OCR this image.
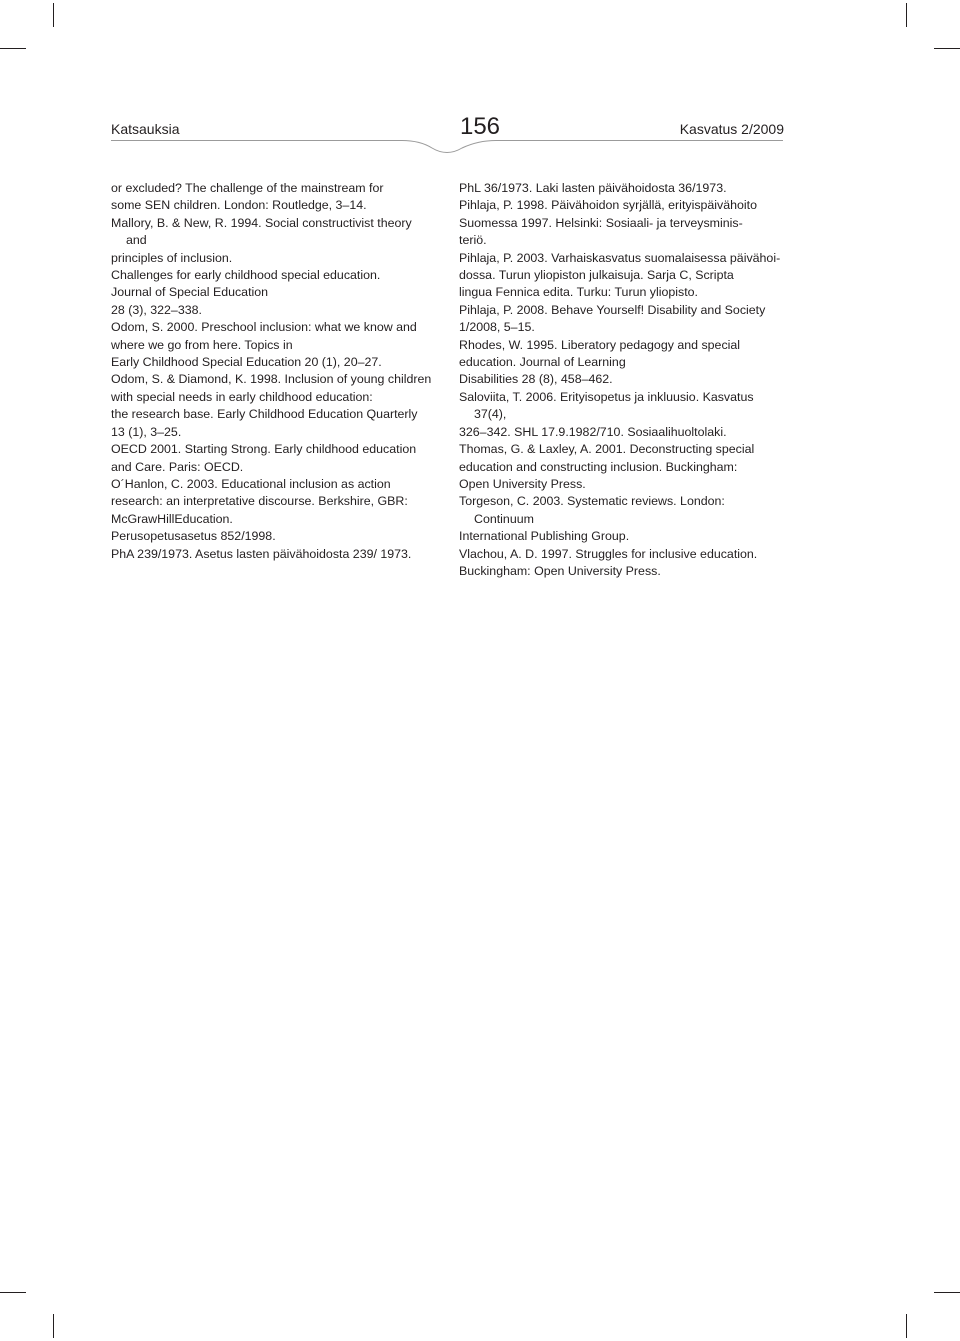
Katsauksia	156	Kasvatus 2/2009

or excluded? The challenge of the mainstream for
some SEN children. London: Routledge, 3–14.

Mallory, B. & New, R. 1994. Social constructivist theory and
principles of inclusion.
Challenges for early childhood special education.
Journal of Special Education
28 (3), 322–338.

Odom, S. 2000. Preschool inclusion: what we know and
where we go from here. Topics in
Early Childhood Special Education 20 (1), 20–27.

Odom, S. & Diamond, K. 1998. Inclusion of young children
with special needs in early childhood education:
the research base. Early Childhood Education Quarterly
13 (1), 3–25.

OECD 2001. Starting Strong. Early childhood education
and Care. Paris: OECD.

O´Hanlon, C. 2003. Educational inclusion as action
research: an interpretative discourse. Berkshire, GBR:
McGrawHillEducation.

Perusopetusasetus 852/1998.

PhA 239/1973. Asetus lasten päivähoidosta 239/ 1973.

PhL 36/1973. Laki lasten päivähoidosta 36/1973.

Pihlaja, P. 1998. Päivähoidon syrjällä, erityispäivähoito
Suomessa 1997. Helsinki: Sosiaali- ja terveysminis-
teriö.

Pihlaja, P. 2003. Varhaiskasvatus suomalaisessa päivähoi-
dossa. Turun yliopiston julkaisuja. Sarja C, Scripta
lingua Fennica edita. Turku: Turun yliopisto.

Pihlaja, P. 2008. Behave Yourself! Disability and Society
1/2008, 5–15.

Rhodes, W. 1995. Liberatory pedagogy and special
education. Journal of Learning
Disabilities 28 (8), 458–462.

Saloviita, T. 2006. Erityisopetus ja inkluusio. Kasvatus 37(4),
326–342. SHL 17.9.1982/710. Sosiaalihuoltolaki.

Thomas, G. & Laxley, A. 2001. Deconstructing special
education and constructing inclusion. Buckingham:
Open University Press.

Torgeson, C. 2003. Systematic reviews. London: Continuum
International Publishing Group.

Vlachou, A. D. 1997. Struggles for inclusive education.
Buckingham: Open University Press.
